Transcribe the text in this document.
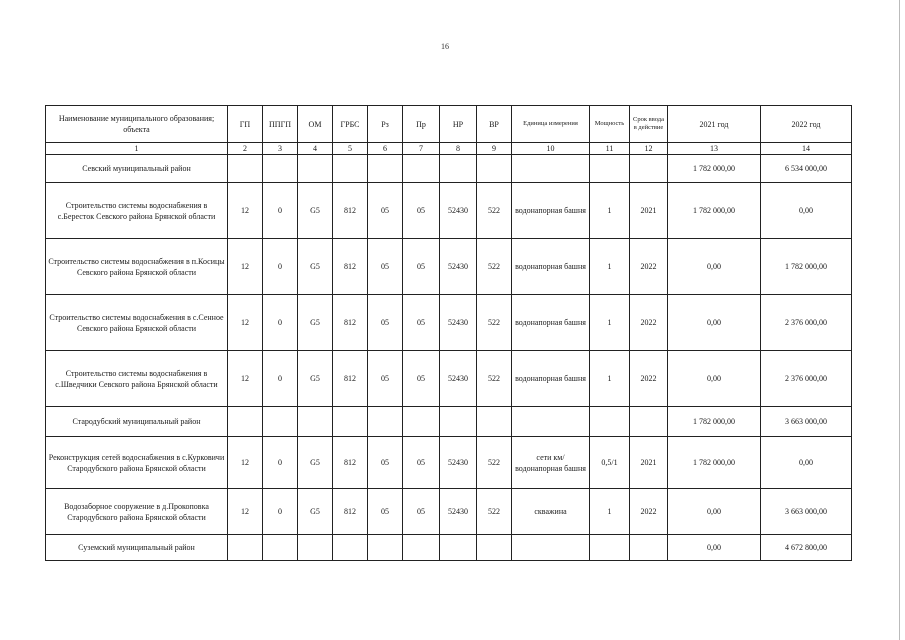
16
Наименование муниципального образования; объекта	ГП	ППГП	ОМ	ГРБС	Рз	Пр	НР	ВР	Единица измерения	Мощность	Срок ввода в действие	2021 год	2022 год
1	2	3	4	5	6	7	8	9	10	11	12	13	14
Севский муниципальный район												1 782 000,00	6 534 000,00
Строительство системы водоснабжения в с.Берестoк Севского района Брянской области	12	0	G5	812	05	05	52430	522	водонапорная башня	1	2021	1 782 000,00	0,00
Строительство системы водоснабжения в п.Косицы Севского района Брянской области	12	0	G5	812	05	05	52430	522	водонапорная башня	1	2022	0,00	1 782 000,00
Строительство системы водоснабжения в с.Сенное Севского района Брянской области	12	0	G5	812	05	05	52430	522	водонапорная башня	1	2022	0,00	2 376 000,00
Строительство системы водоснабжения в с.Шведчики Севского района Брянской области	12	0	G5	812	05	05	52430	522	водонапорная башня	1	2022	0,00	2 376 000,00
Стародубский муниципальный район												1 782 000,00	3 663 000,00
Реконструкция сетей водоснабжения в с.Курковичи Стародубского района Брянской области	12	0	G5	812	05	05	52430	522	сети км/водонапорная башня	0,5/1	2021	1 782 000,00	0,00
Водозаборное сооружение в д.Прокоповка Стародубского района Брянской области	12	0	G5	812	05	05	52430	522	скважина	1	2022	0,00	3 663 000,00
Суземский муниципальный район												0,00	4 672 800,00
